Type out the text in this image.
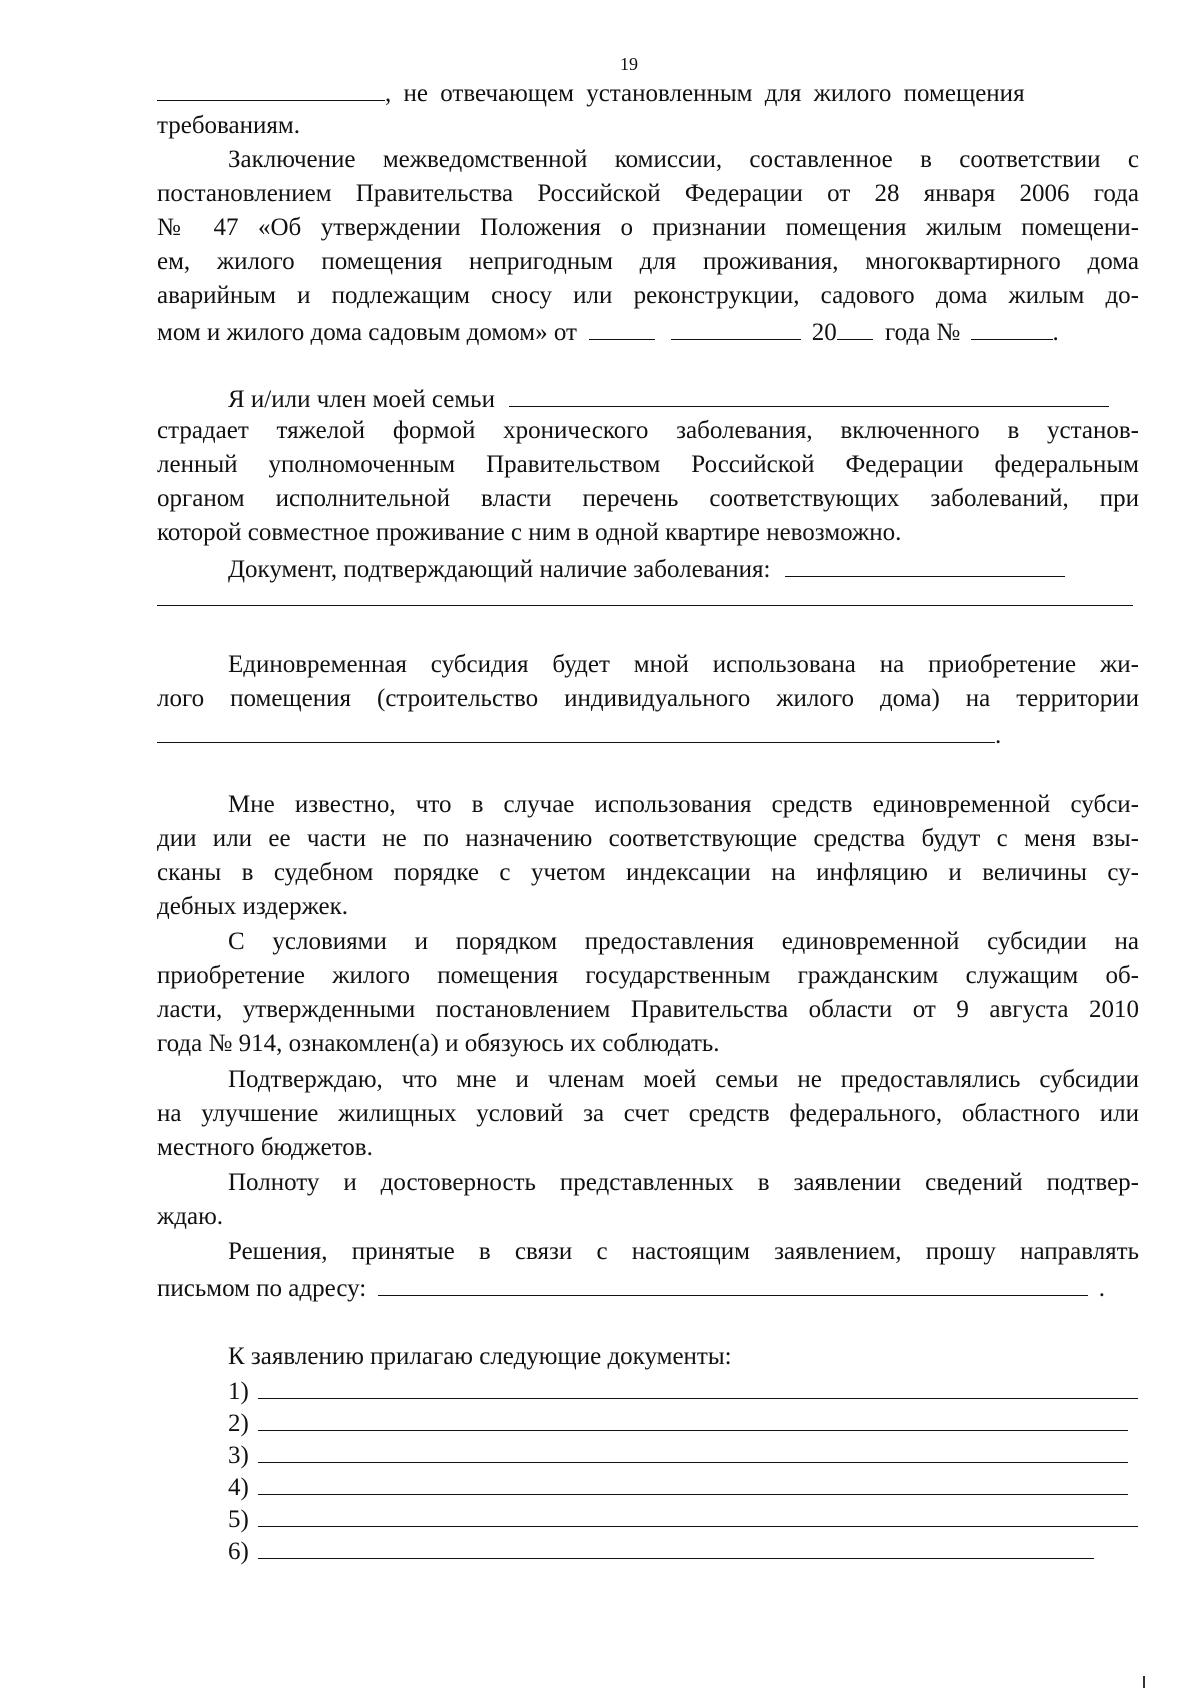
19
, не отвечающем установленным для жилого помещения
требованиям.
Заключение межведомственной комиссии, составленное в соответствии с
постановлением Правительства Российской Федерации от 28 января 2006 года
№ 47 «Об утверждении Положения о признании помещения жилым помещени-
ем, жилого помещения непригодным для проживания, многоквартирного дома
аварийным и подлежащим сносу или реконструкции, садового дома жилым до-
мом и жилого дома садовым домом» от	20 года №	.
Я и/или член моей семьи
страдает тяжелой формой хронического заболевания, включенного в установ-
ленный уполномоченным Правительством Российской Федерации федеральным
органом исполнительной власти перечень соответствующих заболеваний, при
которой совместное проживание с ним в одной квартире невозможно.
Документ, подтверждающий наличие заболевания:
Единовременная субсидия будет мной использована на приобретение жи-
лого помещения (строительство индивидуального жилого дома) на территории
.
Мне известно, что в случае использования средств единовременной субси-
дии или ее части не по назначению соответствующие средства будут с меня взы-
сканы в судебном порядке с учетом индексации на инфляцию и величины су-
дебных издержек.
С условиями и порядком предоставления единовременной субсидии на
приобретение жилого помещения государственным гражданским служащим об-
ласти, утвержденными постановлением Правительства области от 9 августа 2010
года № 914, ознакомлен(а) и обязуюсь их соблюдать.
Подтверждаю, что мне и членам моей семьи не предоставлялись субсидии
на улучшение жилищных условий за счет средств федерального, областного или
местного бюджетов.
Полноту и достоверность представленных в заявлении сведений подтвер-
ждаю.
Решения, принятые в связи с настоящим заявлением, прошу направлять
письмом по адресу:	.
К заявлению прилагаю следующие документы:
1)
2)
3)
4)
5)
6)
